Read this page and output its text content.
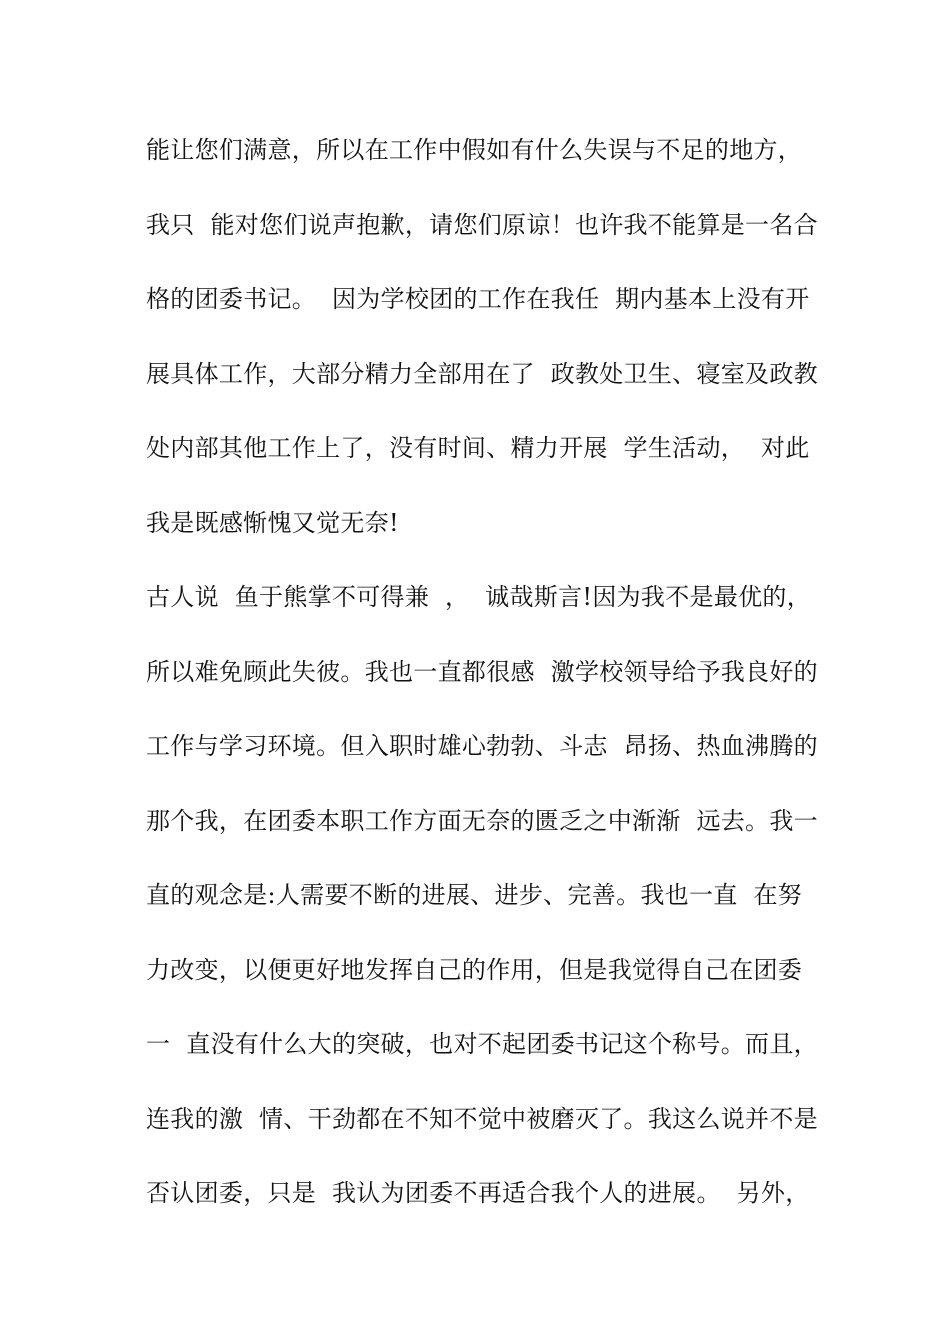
能让您们满意，所以在工作中假如有什么失误与不足的地方，
我只  能对您们说声抱歉，请您们原谅！也许我不能算是一名合
格的团委书记。  因为学校团的工作在我任  期内基本上没有开
展具体工作，大部分精力全部用在了  政教处卫生、寝室及政教
处内部其他工作上了，没有时间、精力开展  学生活动，  对此
我是既感惭愧又觉无奈!
古人说  鱼于熊掌不可得兼  ，  诚哉斯言!因为我不是最优的，
所以难免顾此失彼。我也一直都很感  激学校领导给予我良好的
工作与学习环境。但入职时雄心勃勃、斗志  昂扬、热血沸腾的
那个我，在团委本职工作方面无奈的匮乏之中渐渐  远去。我一
直的观念是:人需要不断的进展、进步、完善。我也一直  在努
力改变，以便更好地发挥自己的作用，但是我觉得自己在团委
一  直没有什么大的突破，也对不起团委书记这个称号。而且，
连我的激  情、干劲都在不知不觉中被磨灭了。我这么说并不是
否认团委，只是  我认为团委不再适合我个人的进展。  另外，
